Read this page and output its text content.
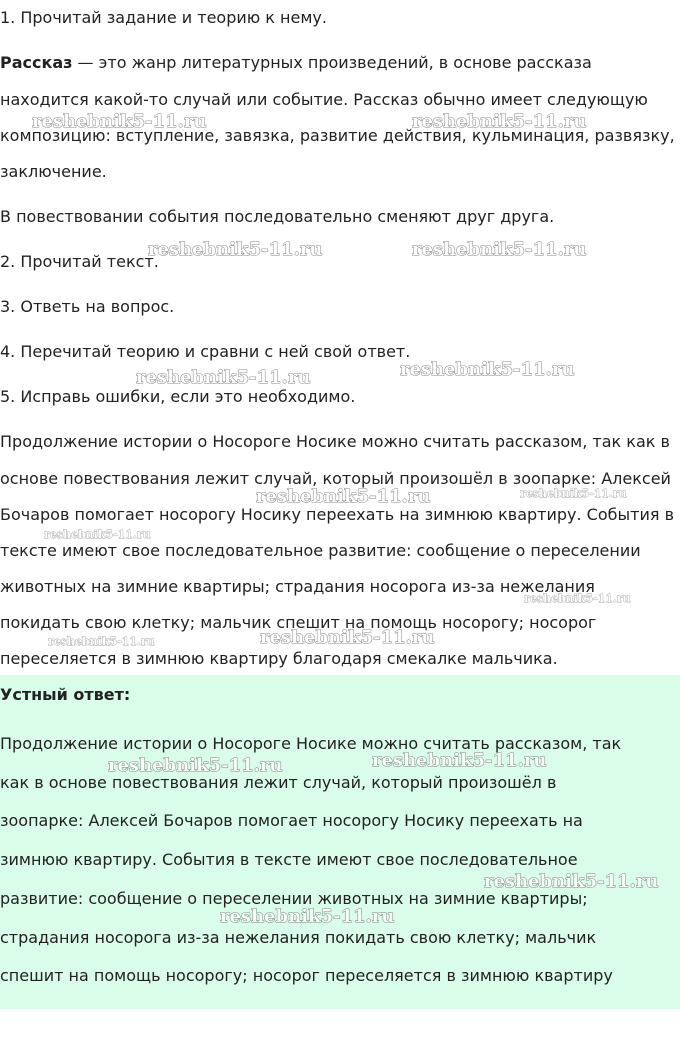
1. Прочитай задание и теорию к нему.
Рассказ — это жанр литературных произведений, в основе рассказа
находится какой-то случай или событие. Рассказ обычно имеет следующую
композицию: вступление, завязка, развитие действия, кульминация, развязку,
заключение.
В повествовании события последовательно сменяют друг друга.
2. Прочитай текст.
3. Ответь на вопрос.
4. Перечитай теорию и сравни с ней свой ответ.
5. Исправь ошибки, если это необходимо.
Продолжение истории о Носороге Носике можно считать рассказом, так как в
основе повествования лежит случай, который произошёл в зоопарке: Алексей
Бочаров помогает носорогу Носику переехать на зимнюю квартиру. События в
тексте имеют свое последовательное развитие: сообщение о переселении
животных на зимние квартиры; страдания носорога из-за нежелания
покидать свою клетку; мальчик спешит на помощь носорогу; носорог
переселяется в зимнюю квартиру благодаря смекалке мальчика.
Устный ответ:
Продолжение истории о Носороге Носике можно считать рассказом, так
как в основе повествования лежит случай, который произошёл в
зоопарке: Алексей Бочаров помогает носорогу Носику переехать на
зимнюю квартиру. События в тексте имеют свое последовательное
развитие: сообщение о переселении животных на зимние квартиры;
страдания носорога из-за нежелания покидать свою клетку; мальчик
спешит на помощь носорогу; носорог переселяется в зимнюю квартиру
reshebnik5-11.ru	reshebnik5-11.ru
reshebnik5-11.ru	reshebnik5-11.ru
reshebnik5-11.ru	reshebnik5-11.ru
reshebnik5-11.ru	reshebnik5-11.ru
reshebnik5-11.ru
reshebnik5-11.ru
reshebnik5-11.ru	reshebnik5-11.ru
reshebnik5-11.ru	reshebnik5-11.ru
reshebnik5-11.ru
reshebnik5-11.ru
